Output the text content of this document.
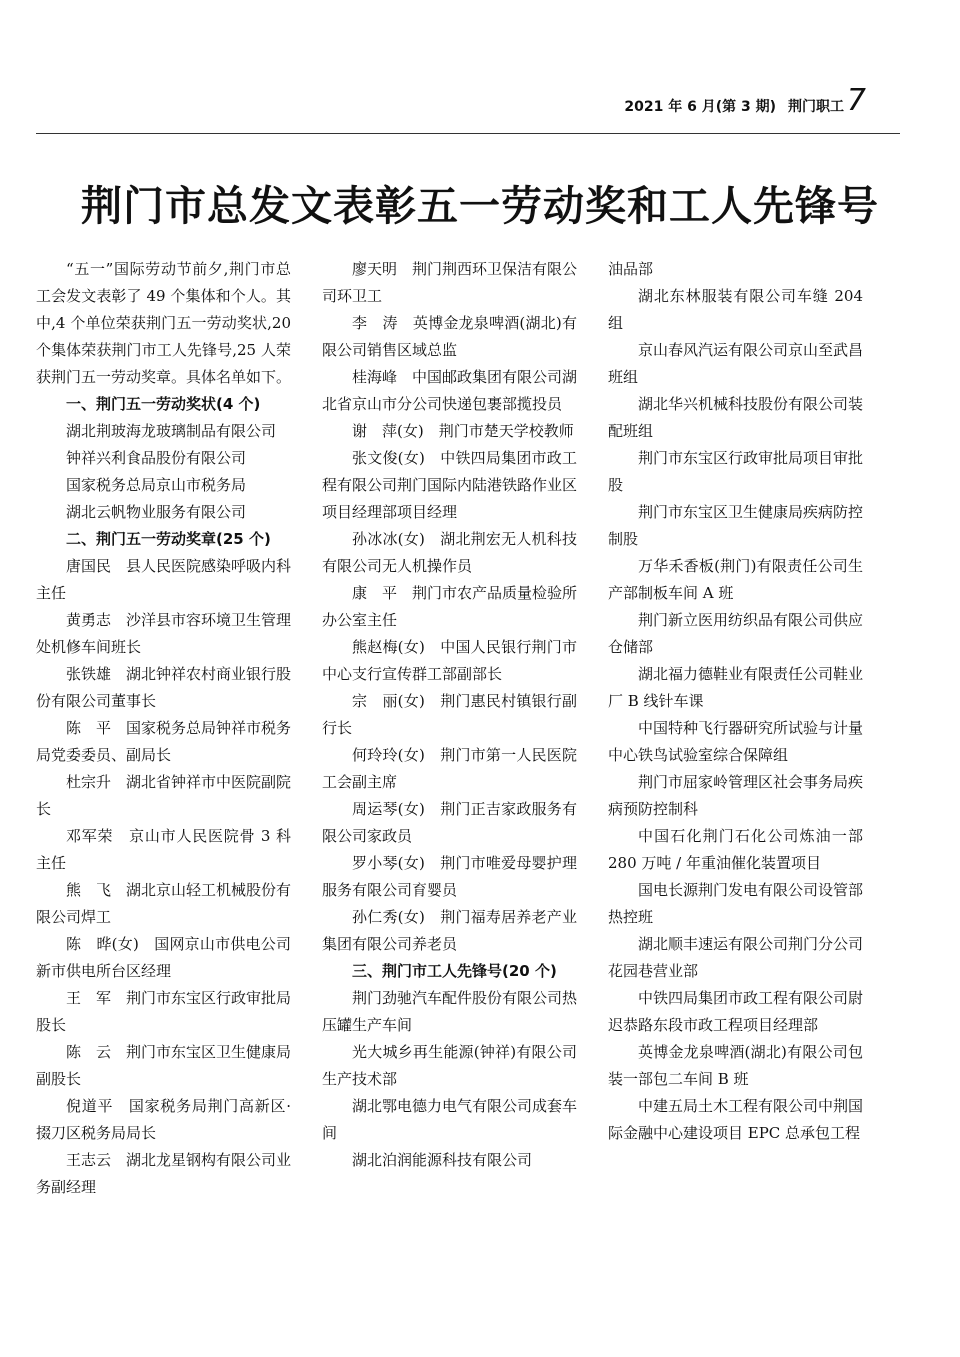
2021 年 6 月(第 3 期) 荆门职工 7
荆门市总发文表彰五一劳动奖和工人先锋号

“五一”国际劳动节前夕,荆门市总工会发文表彰了 49 个集体和个人。其中,4 个单位荣获荆门五一劳动奖状,20 个集体荣获荆门市工人先锋号,25 人荣获荆门五一劳动奖章。具体名单如下。

一、荆门五一劳动奖状(4 个)

湖北荆玻海龙玻璃制品有限公司

钟祥兴利食品股份有限公司

国家税务总局京山市税务局

湖北云帆物业服务有限公司

二、荆门五一劳动奖章(25 个)

唐国民　县人民医院感染呼吸内科主任

黄勇志　沙洋县市容环境卫生管理处机修车间班长

张铁雄　湖北钟祥农村商业银行股份有限公司董事长

陈　平　国家税务总局钟祥市税务局党委委员、副局长

杜宗升　湖北省钟祥市中医院副院长

邓军荣　京山市人民医院骨 3 科主任

熊　飞　湖北京山轻工机械股份有限公司焊工

陈　晔(女)　国网京山市供电公司新市供电所台区经理

王　军　荆门市东宝区行政审批局股长

陈　云　荆门市东宝区卫生健康局副股长

倪道平　国家税务局荆门高新区·掇刀区税务局局长

王志云　湖北龙星钢构有限公司业务副经理

廖天明　荆门荆西环卫保洁有限公司环卫工

李　涛　英博金龙泉啤酒(湖北)有限公司销售区域总监

桂海峰　中国邮政集团有限公司湖北省京山市分公司快递包裹部揽投员

谢　萍(女)　荆门市楚天学校教师

张文俊(女)　中铁四局集团市政工程有限公司荆门国际内陆港铁路作业区项目经理部项目经理

孙冰冰(女)　湖北荆宏无人机科技有限公司无人机操作员

康　平　荆门市农产品质量检验所办公室主任

熊赵梅(女)　中国人民银行荆门市中心支行宣传群工部副部长

宗　丽(女)　荆门惠民村镇银行副行长

何玲玲(女)　荆门市第一人民医院工会副主席

周运琴(女)　荆门正吉家政服务有限公司家政员

罗小琴(女)　荆门市唯爱母婴护理服务有限公司育婴员

孙仁秀(女)　荆门福寿居养老产业集团有限公司养老员

三、荆门市工人先锋号(20 个)

荆门劲驰汽车配件股份有限公司热压罐生产车间

光大城乡再生能源(钟祥)有限公司生产技术部

湖北鄂电德力电气有限公司成套车间

湖北泊润能源科技有限公司

油品部

湖北东林服装有限公司车缝 204 组

京山春风汽运有限公司京山至武昌班组

湖北华兴机械科技股份有限公司装配班组

荆门市东宝区行政审批局项目审批股

荆门市东宝区卫生健康局疾病防控制股

万华禾香板(荆门)有限责任公司生产部制板车间 A 班

荆门新立医用纺织品有限公司供应仓储部

湖北福力德鞋业有限责任公司鞋业厂 B 线针车课

中国特种飞行器研究所试验与计量中心铁鸟试验室综合保障组

荆门市屈家岭管理区社会事务局疾病预防控制科

中国石化荆门石化公司炼油一部 280 万吨 / 年重油催化装置项目

国电长源荆门发电有限公司设管部热控班

湖北顺丰速运有限公司荆门分公司花园巷营业部

中铁四局集团市政工程有限公司尉迟恭路东段市政工程项目经理部

英博金龙泉啤酒(湖北)有限公司包装一部包二车间 B 班

中建五局土木工程有限公司中荆国际金融中心建设项目 EPC 总承包工程
